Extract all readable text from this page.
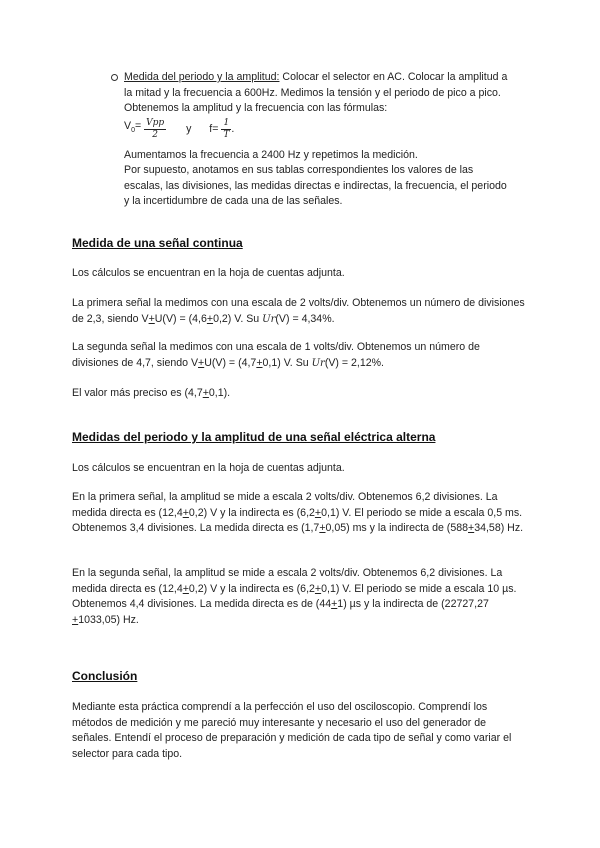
Medida del periodo y la amplitud: Colocar el selector en AC. Colocar la amplitud a la mitad y la frecuencia a 600Hz. Medimos la tensión y el periodo de pico a pico. Obtenemos la amplitud y la frecuencia con las fórmulas:

$V_0= \frac{\text{Vpp}}{2}$ y $f= \frac{1}{T}$ .

Aumentamos la frecuencia a 2400 Hz y repetimos la medición.

Por supuesto, anotamos en sus tablas correspondientes los valores de las escalas, las divisiones, las medidas directas e indirectas, la frecuencia, el periodo y la incertidumbre de cada una de las señales.

Medida de una señal continua

Los cálculos se encuentran en la hoja de cuentas adjunta.

La primera señal la medimos con una escala de 2 volts/div. Obtenemos un número de divisiones de 2,3, siendo V+U(V) = (4,6+0,2) V. Su Ur(V) = 4,34%.

La segunda señal la medimos con una escala de 1 volts/div. Obtenemos un número de divisiones de 4,7, siendo V+U(V) = (4,7+0,1) V. Su Ur(V) = 2,12%.

El valor más preciso es (4,7+0,1).

Medidas del periodo y la amplitud de una señal eléctrica alterna

Los cálculos se encuentran en la hoja de cuentas adjunta.

En la primera señal, la amplitud se mide a escala 2 volts/div. Obtenemos 6,2 divisiones. La medida directa es (12,4+0,2) V y la indirecta es (6,2+0,1) V. El periodo se mide a escala 0,5 ms. Obtenemos 3,4 divisiones. La medida directa es (1,7+0,05) ms y la indirecta de (588+34,58) Hz.

En la segunda señal, la amplitud se mide a escala 2 volts/div. Obtenemos 6,2 divisiones. La medida directa es (12,4+0,2) V y la indirecta es (6,2+0,1) V. El periodo se mide a escala 10 µs. Obtenemos 4,4 divisiones. La medida directa es de (44+1) µs y la indirecta de (22727,27 +1033,05) Hz.

Conclusión

Mediante esta práctica comprendí a la perfección el uso del osciloscopio. Comprendí los métodos de medición y me pareció muy interesante y necesario el uso del generador de señales. Entendí el proceso de preparación y medición de cada tipo de señal y como variar el selector para cada tipo.
